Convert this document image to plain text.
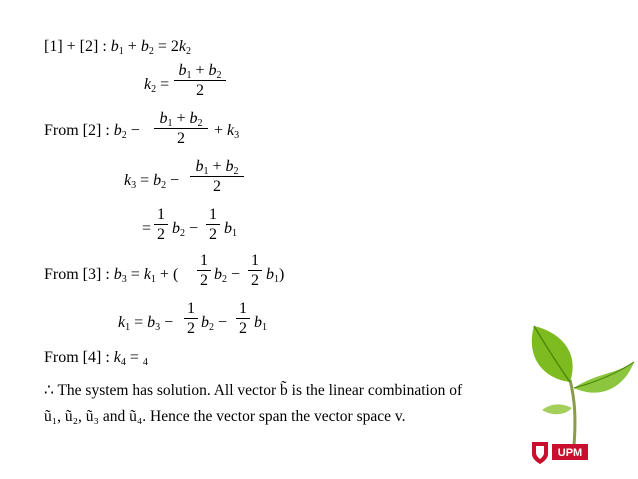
[1] + [2] : $b_1 + b_2 = 2k_2$
$k_2$ =
$b_1 + b_2$
2
From [2] : $b_2$ −
$b_1 + b_2$
2	+ $k_3$
$k_3 = b_2$ −
$b_1 + b_2$
2
=
1
2 $b_2$ −
1
2 $b_1$
From [3] : $b_3 = k_1$ + (
1
2 $b_2$ −
1
2 $b_1$)
$k_1 = b_3$ −
1
2 $b_2$ −
1
2 $b_1$
From [4] : $k_4 = _4$
∴ The system has solution. All vector b̃ is the linear combination of
ũ₁, ũ₂, ũ₃ and ũ₄. Hence the vector span the vector space v.
UPM
